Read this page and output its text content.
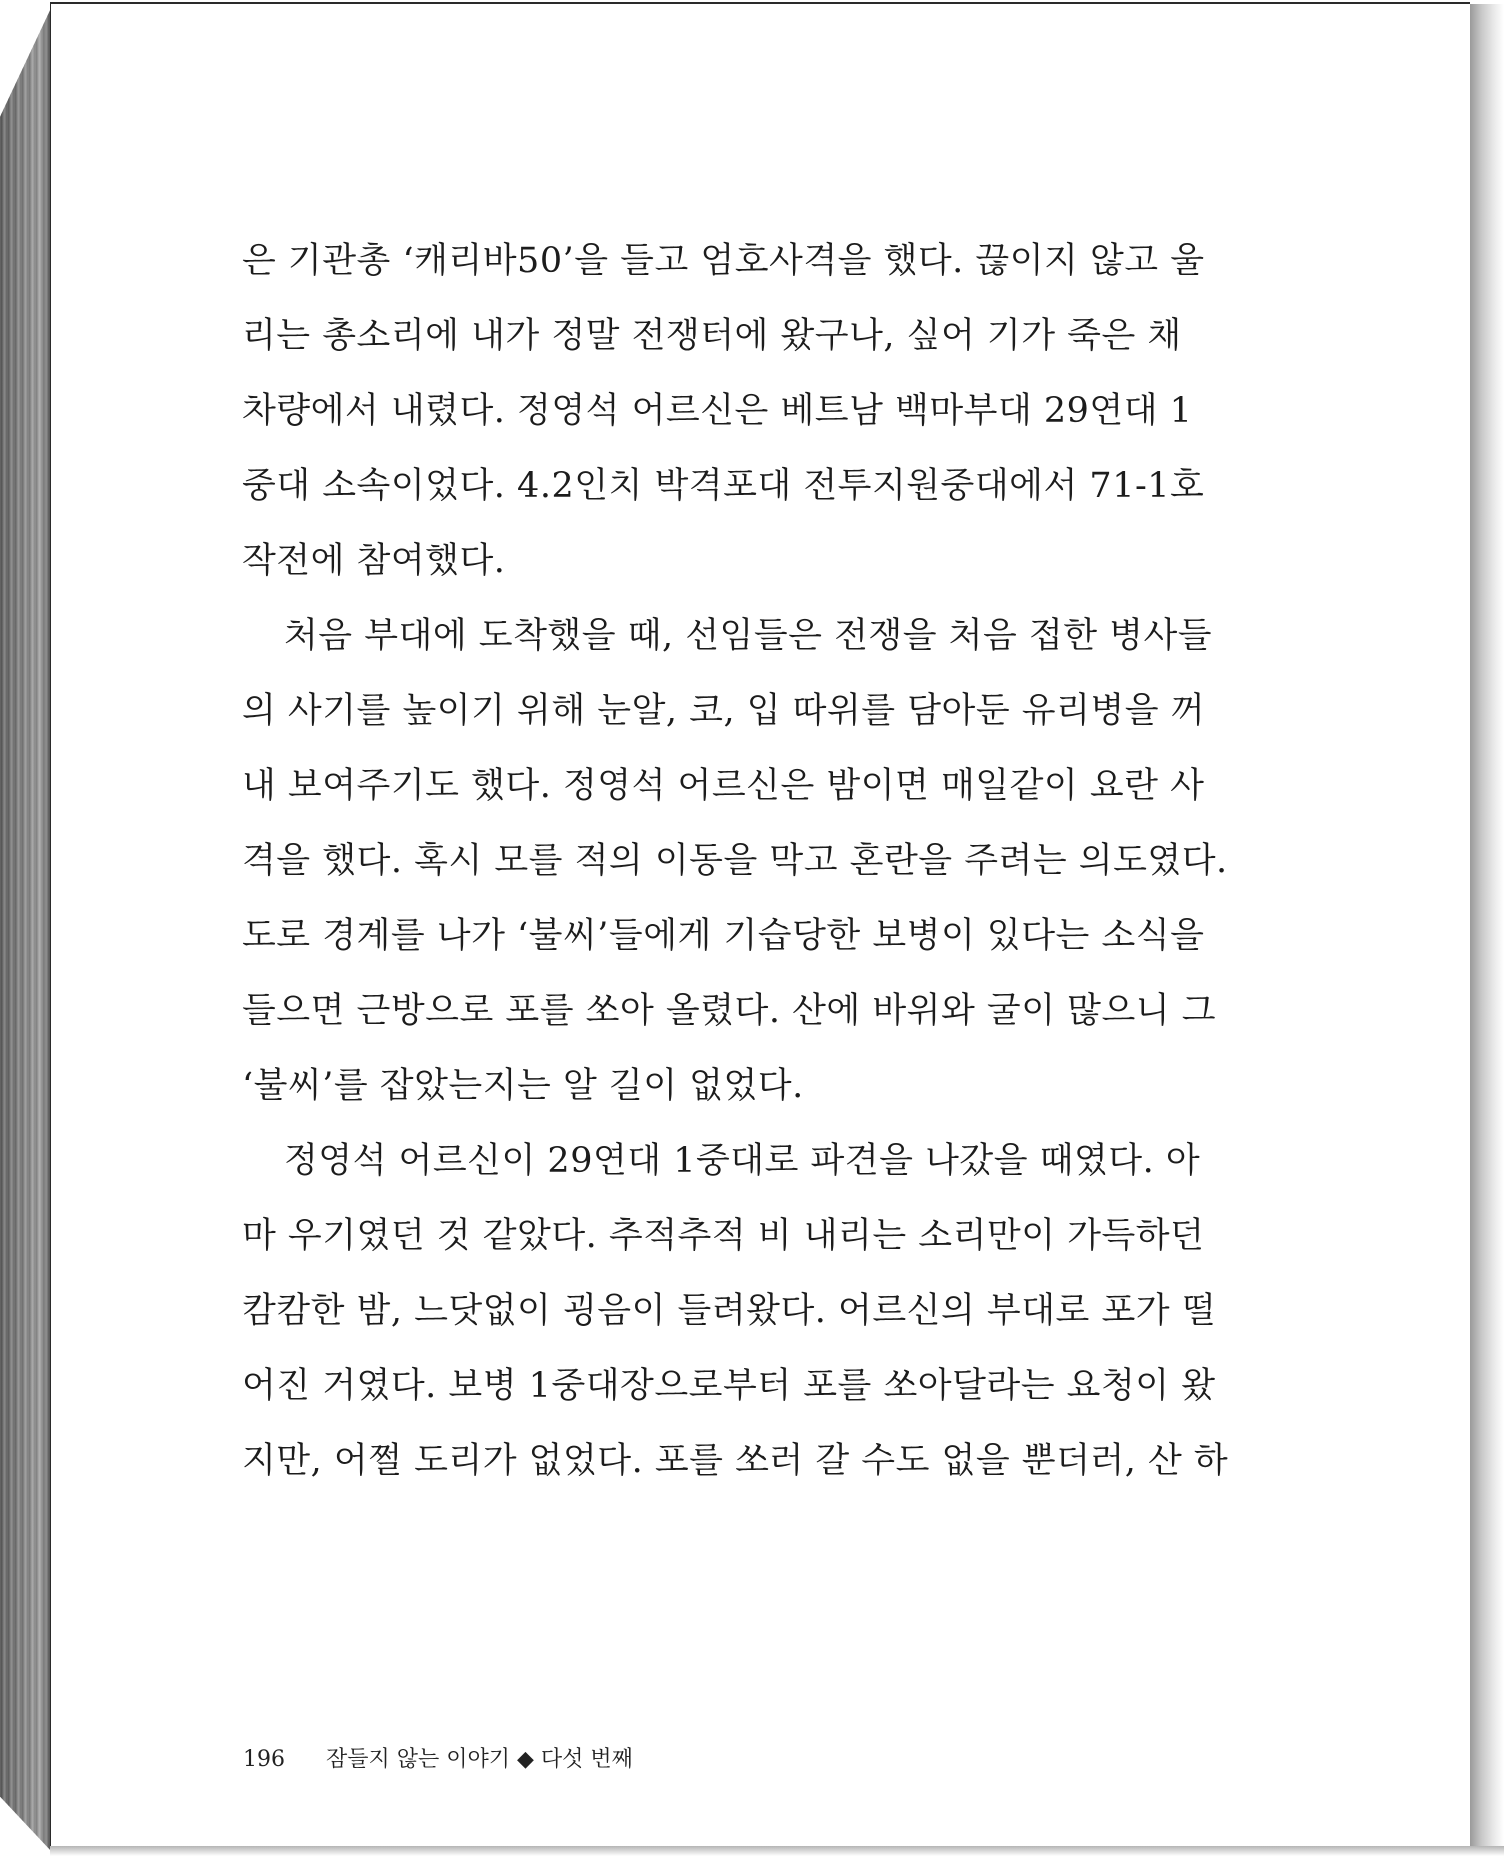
은 기관총 ‘캐리바50’을 들고 엄호사격을 했다. 끊이지 않고 울
리는 총소리에 내가 정말 전쟁터에 왔구나, 싶어 기가 죽은 채
차량에서 내렸다. 정영석 어르신은 베트남 백마부대 29연대 1
중대 소속이었다. 4.2인치 박격포대 전투지원중대에서 71-1호
작전에 참여했다.
처음 부대에 도착했을 때, 선임들은 전쟁을 처음 접한 병사들
의 사기를 높이기 위해 눈알, 코, 입 따위를 담아둔 유리병을 꺼
내 보여주기도 했다. 정영석 어르신은 밤이면 매일같이 요란 사
격을 했다. 혹시 모를 적의 이동을 막고 혼란을 주려는 의도였다.
도로 경계를 나가 ‘불씨’들에게 기습당한 보병이 있다는 소식을
들으면 근방으로 포를 쏘아 올렸다. 산에 바위와 굴이 많으니 그
‘불씨’를 잡았는지는 알 길이 없었다.
정영석 어르신이 29연대 1중대로 파견을 나갔을 때였다. 아
마 우기였던 것 같았다. 추적추적 비 내리는 소리만이 가득하던
캄캄한 밤, 느닷없이 굉음이 들려왔다. 어르신의 부대로 포가 떨
어진 거였다. 보병 1중대장으로부터 포를 쏘아달라는 요청이 왔
지만, 어쩔 도리가 없었다. 포를 쏘러 갈 수도 없을 뿐더러, 산 하
196 잠들지 않는 이야기 ◆ 다섯 번째
